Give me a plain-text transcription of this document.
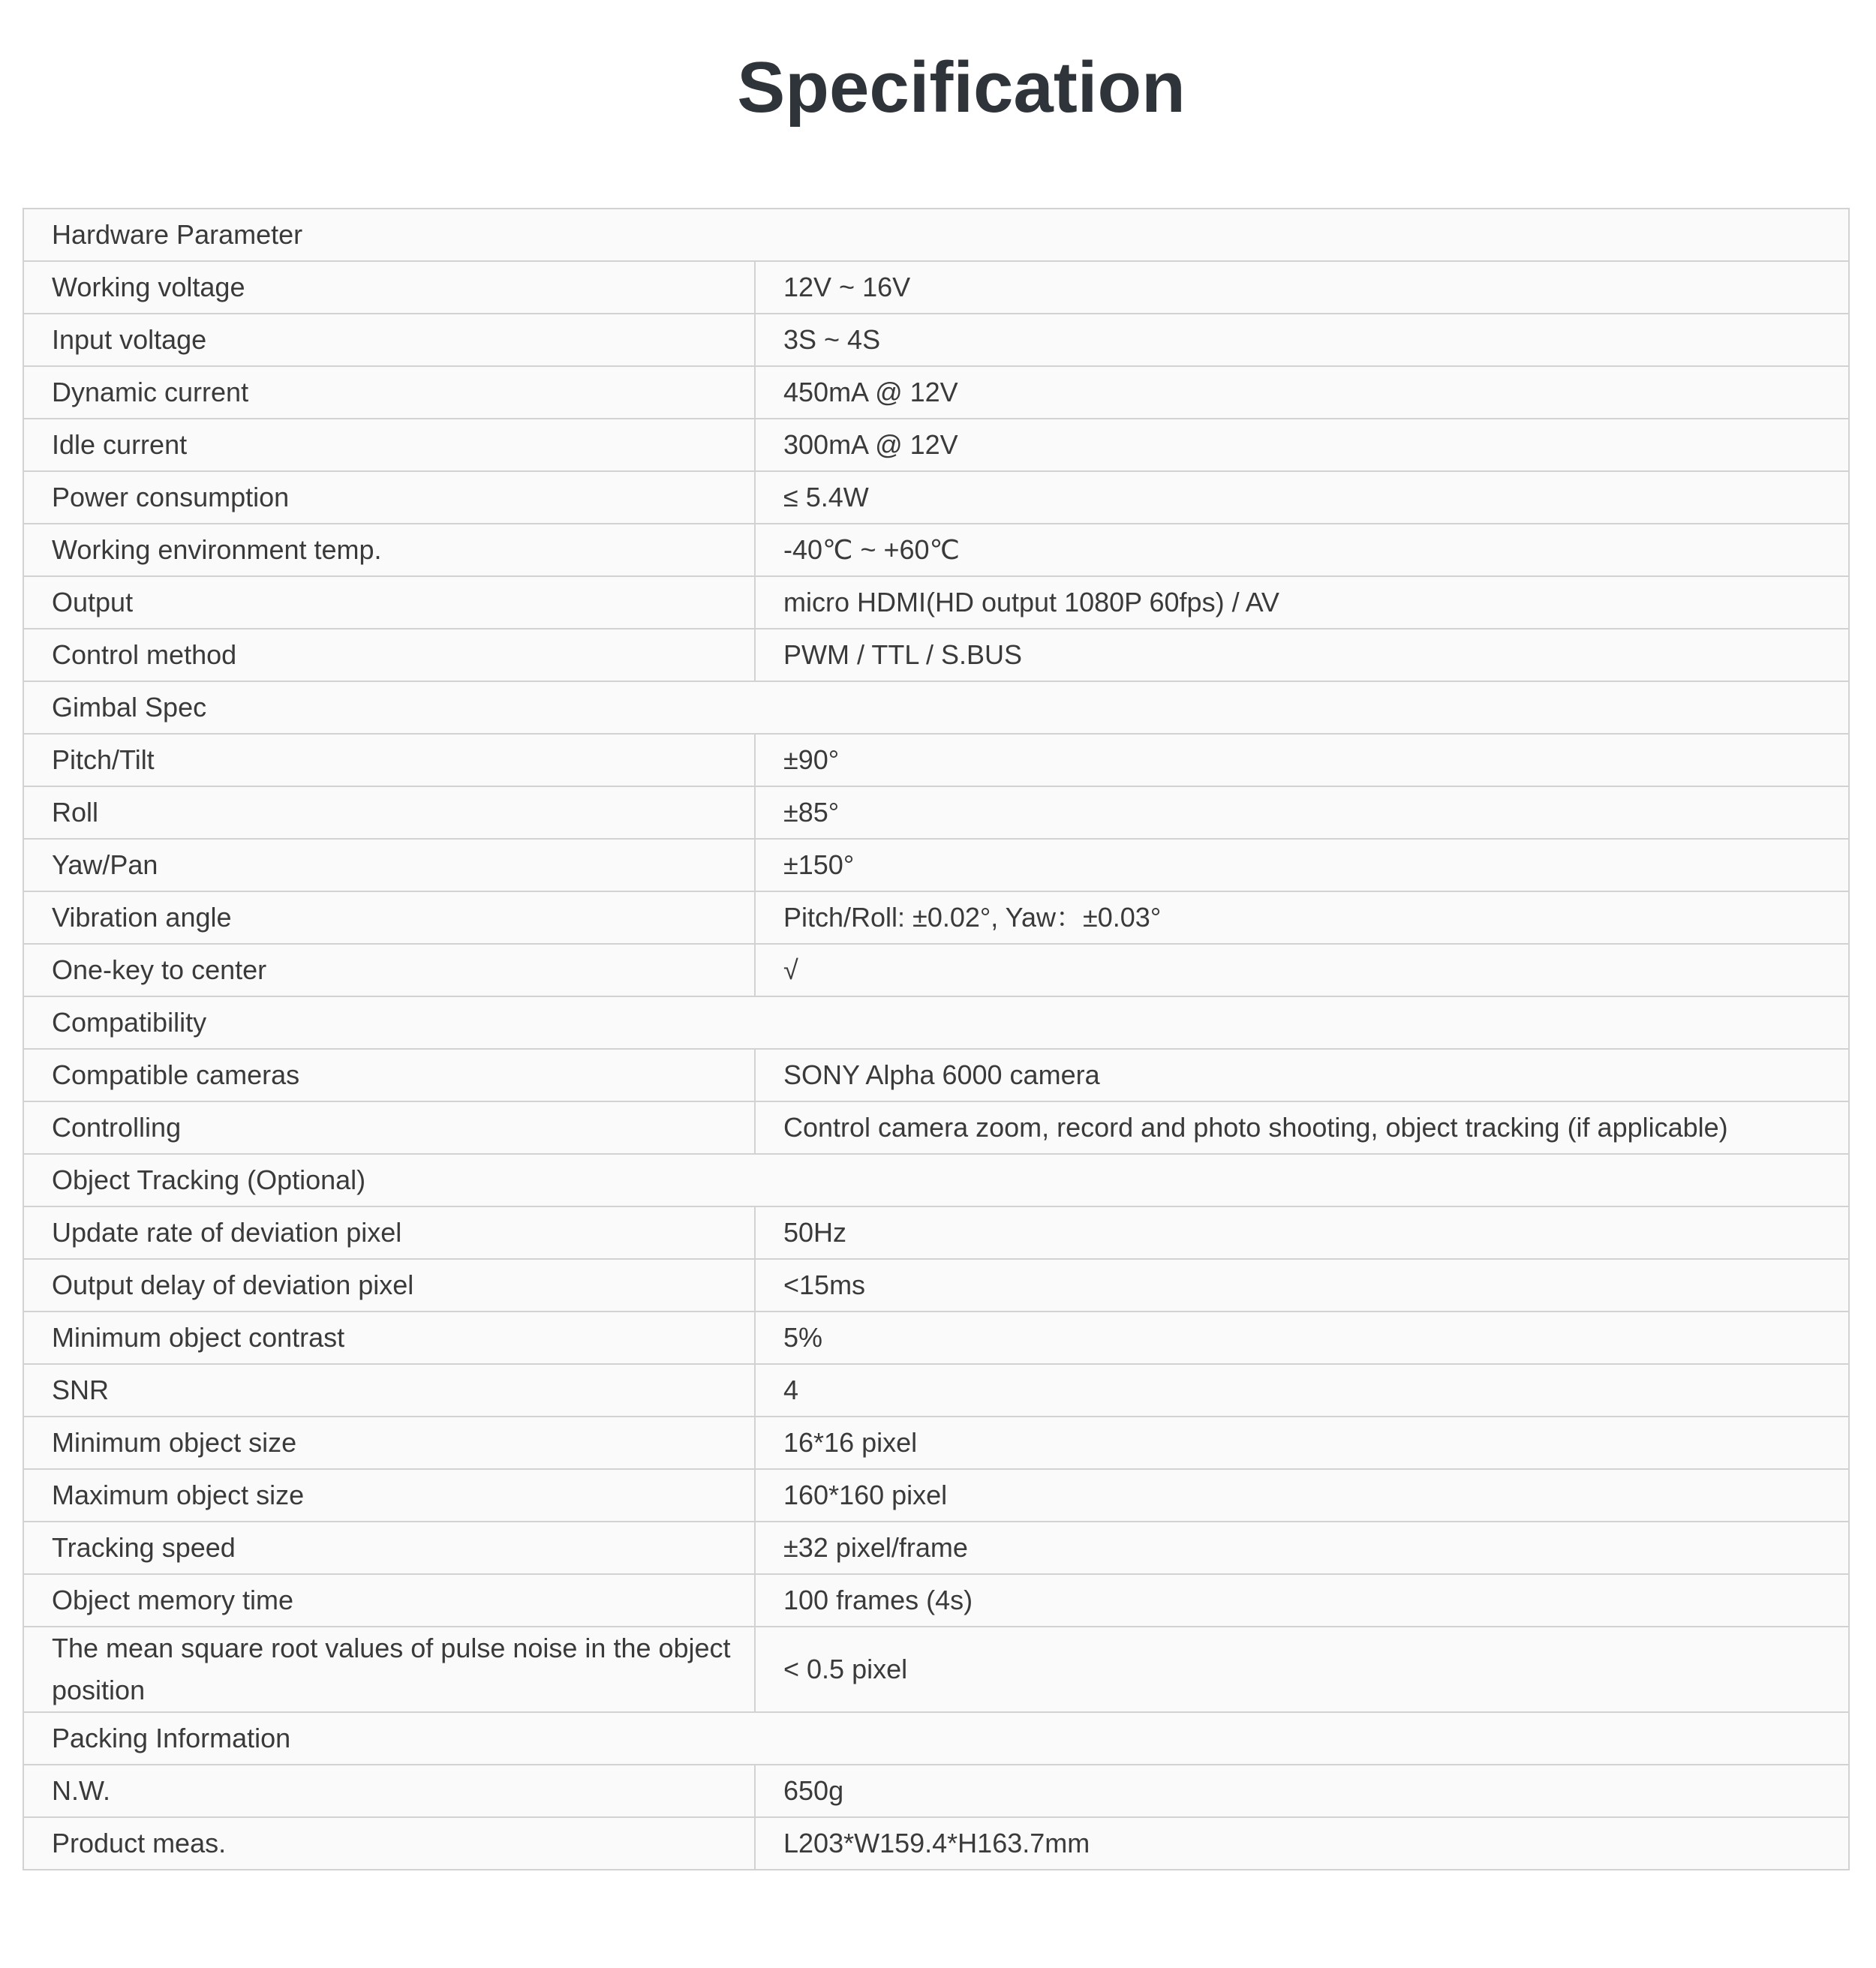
Specification
Hardware Parameter	
Working voltage	12V ~ 16V
Input voltage	3S ~ 4S
Dynamic current	450mA @ 12V
Idle current	300mA @ 12V
Power consumption	≤ 5.4W
Working environment temp.	-40℃ ~ +60℃
Output	micro HDMI(HD output 1080P 60fps) / AV
Control method	PWM / TTL / S.BUS
Gimbal Spec	
Pitch/Tilt	±90°
Roll	±85°
Yaw/Pan	±150°
Vibration angle	Pitch/Roll: ±0.02°, Yaw：±0.03°
One-key to center	√
Compatibility	
Compatible cameras	SONY Alpha 6000 camera
Controlling	Control camera zoom, record and photo shooting, object tracking (if applicable)
Object Tracking (Optional)	
Update rate of deviation pixel	50Hz
Output delay of deviation pixel	<15ms
Minimum object contrast	5%
SNR	4
Minimum object size	16*16 pixel
Maximum object size	160*160 pixel
Tracking speed	±32 pixel/frame
Object memory time	100 frames (4s)
The mean square root values of pulse noise in the object position	< 0.5 pixel
Packing Information	
N.W.	650g
Product meas.	L203*W159.4*H163.7mm
